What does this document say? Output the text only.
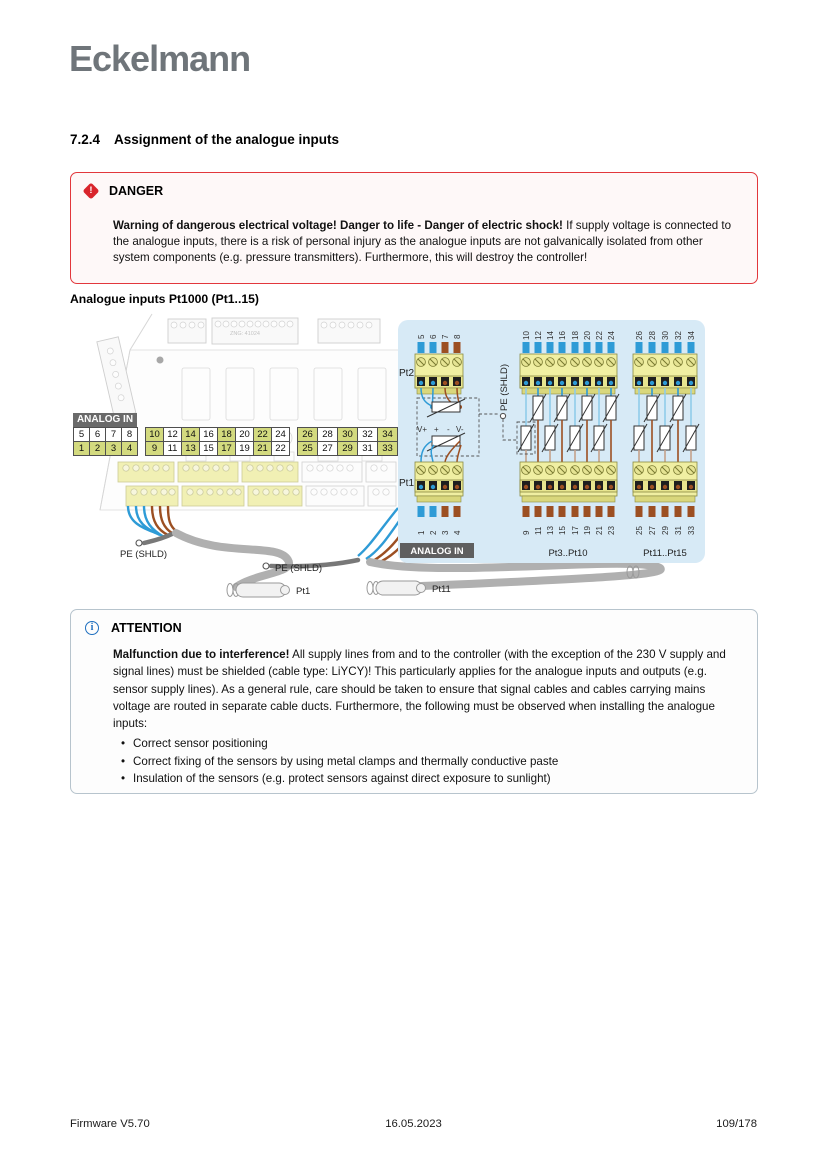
Eckelmann
7.2.4 Assignment of the analogue inputs
!	DANGER

Warning of dangerous electrical voltage! Danger to life - Danger of electric shock! If supply voltage is connected to the analogue inputs, there is a risk of personal injury as the analogue inputs are not galvanically isolated from other system components (e.g. pressure transmitters). Furthermore, this will destroy the controller!

Analogue inputs Pt1000 (Pt1..15)
ZNG: 41024
Pt1
PE (SHLD)
PE (SHLD)
Pt11
PE (SHLD)
Pt2
5 6 7 8
V+ + - V-
10 12 14 16 18 20 22 24 26 28 30 32 34
Pt1
1 2 3 4	9 11 13 15 17 19 21 23 25 27 29 31 33
ANALOG IN	Pt3..Pt10	Pt11..Pt15
ANALOG IN
5	6	7	8	10 12 14 16 18 20 22 24	26 28 30 32 34
1	2	3	4	9	11 13 15 17 19 21 22	25 27 29 31 33
i	ATTENTION
Malfunction due to interference! All supply lines from and to the controller (with the exception of the 230 V supply and signal lines) must be shielded (cable type: LiYCY)! This particularly applies for the analogue inputs and outputs (e.g. sensor supply lines). As a general rule, care should be taken to ensure that signal cables and cables carrying mains voltage are routed in separate cable ducts. Furthermore, the following must be observed when installing the analogue inputs:
• Correct sensor positioning
• Correct fixing of the sensors by using metal clamps and thermally conductive paste
• Insulation of the sensors (e.g. protect sensors against direct exposure to sunlight)
Firmware V5.70	16.05.2023	109/178
